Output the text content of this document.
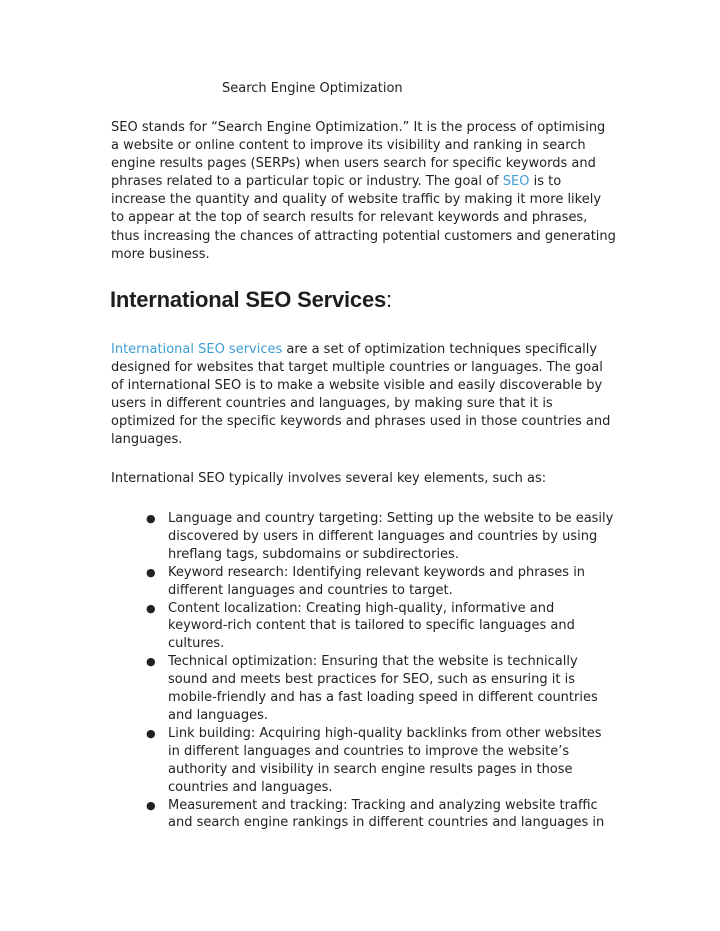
Search Engine Optimization

SEO stands for “Search Engine Optimization.” It is the process of optimising a website or online content to improve its visibility and ranking in search engine results pages (SERPs) when users search for specific keywords and phrases related to a particular topic or industry. The goal of SEO is to increase the quantity and quality of website traffic by making it more likely to appear at the top of search results for relevant keywords and phrases, thus increasing the chances of attracting potential customers and generating more business.

International SEO Services:

International SEO services are a set of optimization techniques specifically designed for websites that target multiple countries or languages. The goal of international SEO is to make a website visible and easily discoverable by users in different countries and languages, by making sure that it is optimized for the specific keywords and phrases used in those countries and languages.

International SEO typically involves several key elements, such as:

● Language and country targeting: Setting up the website to be easily discovered by users in different languages and countries by using hreflang tags, subdomains or subdirectories.
● Keyword research: Identifying relevant keywords and phrases in different languages and countries to target.
● Content localization: Creating high-quality, informative and keyword-rich content that is tailored to specific languages and cultures.
● Technical optimization: Ensuring that the website is technically sound and meets best practices for SEO, such as ensuring it is mobile-friendly and has a fast loading speed in different countries and languages.
● Link building: Acquiring high-quality backlinks from other websites in different languages and countries to improve the website’s authority and visibility in search engine results pages in those countries and languages.
● Measurement and tracking: Tracking and analyzing website traffic and search engine rankings in different countries and languages in
